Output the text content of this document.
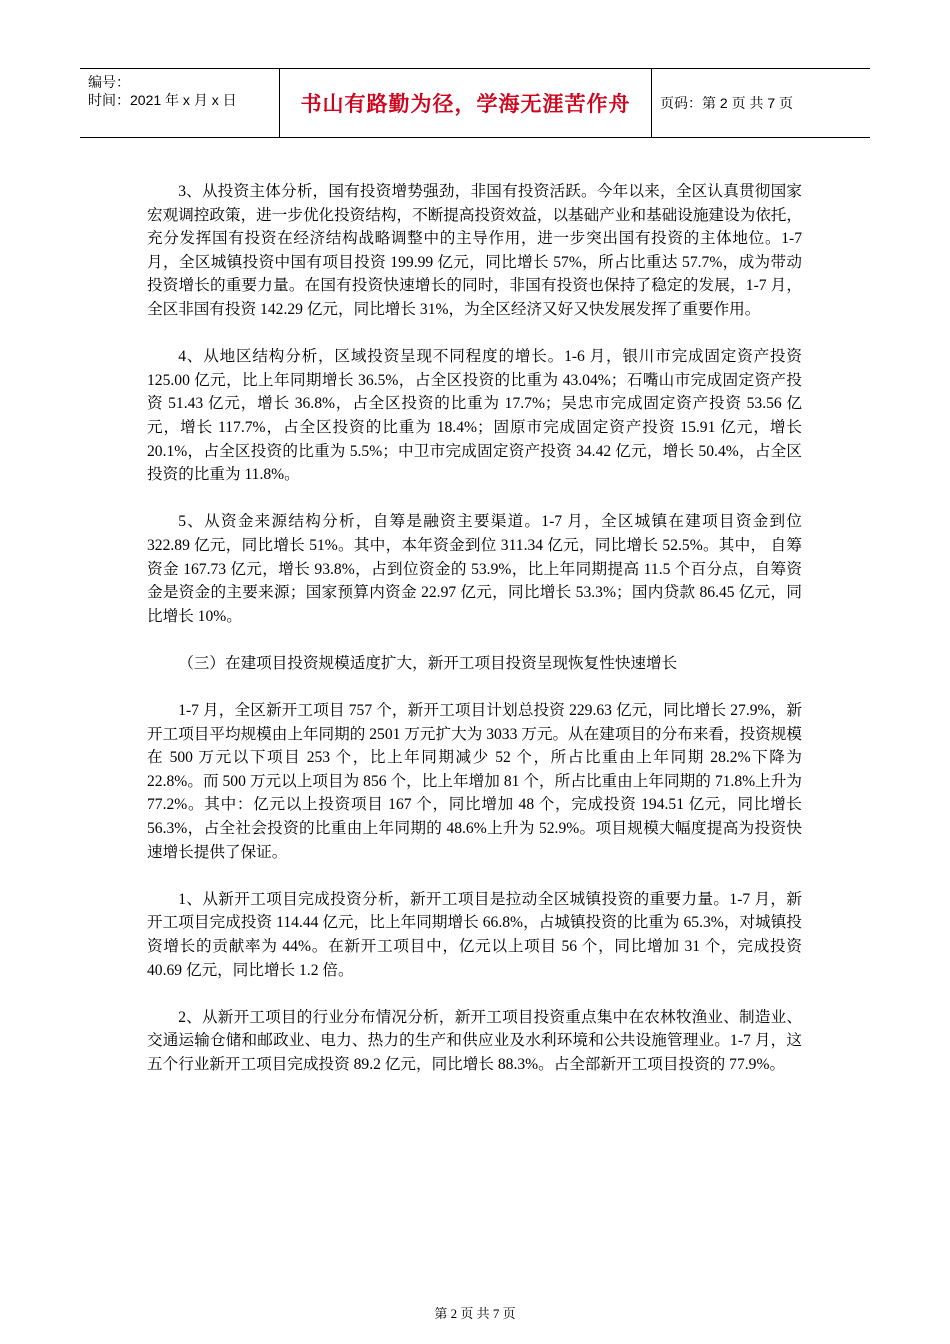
编号：
时间：2021 年 x 月 x 日	书山有路勤为径，学海无涯苦作舟	页码：第 2 页 共 7 页

3、从投资主体分析，国有投资增势强劲，非国有投资活跃。今年以来，全区认真贯彻国家宏观调控政策，进一步优化投资结构，不断提高投资效益，以基础产业和基础设施建设为依托，充分发挥国有投资在经济结构战略调整中的主导作用，进一步突出国有投资的主体地位。1-7 月，全区城镇投资中国有项目投资 199.99 亿元，同比增长 57%，所占比重达 57.7%，成为带动投资增长的重要力量。在国有投资快速增长的同时，非国有投资也保持了稳定的发展，1-7 月，全区非国有投资 142.29 亿元，同比增长 31%，为全区经济又好又快发展发挥了重要作用。

4、从地区结构分析，区域投资呈现不同程度的增长。1-6 月，银川市完成固定资产投资 125.00 亿元，比上年同期增长 36.5%，占全区投资的比重为 43.04%；石嘴山市完成固定资产投资 51.43 亿元，增长 36.8%，占全区投资的比重为 17.7%；吴忠市完成固定资产投资 53.56 亿元，增长 117.7%，占全区投资的比重为 18.4%；固原市完成固定资产投资 15.91 亿元，增长 20.1%，占全区投资的比重为 5.5%；中卫市完成固定资产投资 34.42 亿元，增长 50.4%，占全区投资的比重为 11.8%。

5、从资金来源结构分析，自筹是融资主要渠道。1-7 月，全区城镇在建项目资金到位 322.89 亿元，同比增长 51%。其中，本年资金到位 311.34 亿元，同比增长 52.5%。其中， 自筹资金 167.73 亿元，增长 93.8%，占到位资金的 53.9%，比上年同期提高 11.5 个百分点，自筹资金是资金的主要来源；国家预算内资金 22.97 亿元，同比增长 53.3%；国内贷款 86.45 亿元，同比增长 10%。

（三）在建项目投资规模适度扩大，新开工项目投资呈现恢复性快速增长

1-7 月，全区新开工项目 757 个，新开工项目计划总投资 229.63 亿元，同比增长 27.9%，新开工项目平均规模由上年同期的 2501 万元扩大为 3033 万元。从在建项目的分布来看，投资规模在 500 万元以下项目 253 个，比上年同期减少 52 个，所占比重由上年同期 28.2%下降为 22.8%。而 500 万元以上项目为 856 个，比上年增加 81 个，所占比重由上年同期的 71.8%上升为 77.2%。其中：亿元以上投资项目 167 个，同比增加 48 个，完成投资 194.51 亿元，同比增长 56.3%，占全社会投资的比重由上年同期的 48.6%上升为 52.9%。项目规模大幅度提高为投资快速增长提供了保证。

1、从新开工项目完成投资分析，新开工项目是拉动全区城镇投资的重要力量。1-7 月，新开工项目完成投资 114.44 亿元，比上年同期增长 66.8%，占城镇投资的比重为 65.3%，对城镇投资增长的贡献率为 44%。在新开工项目中，亿元以上项目 56 个，同比增加 31 个，完成投资 40.69 亿元，同比增长 1.2 倍。

2、从新开工项目的行业分布情况分析，新开工项目投资重点集中在农林牧渔业、制造业、交通运输仓储和邮政业、电力、热力的生产和供应业及水利环境和公共设施管理业。1-7 月，这五个行业新开工项目完成投资 89.2 亿元，同比增长 88.3%。占全部新开工项目投资的 77.9%。

第 2 页 共 7 页
